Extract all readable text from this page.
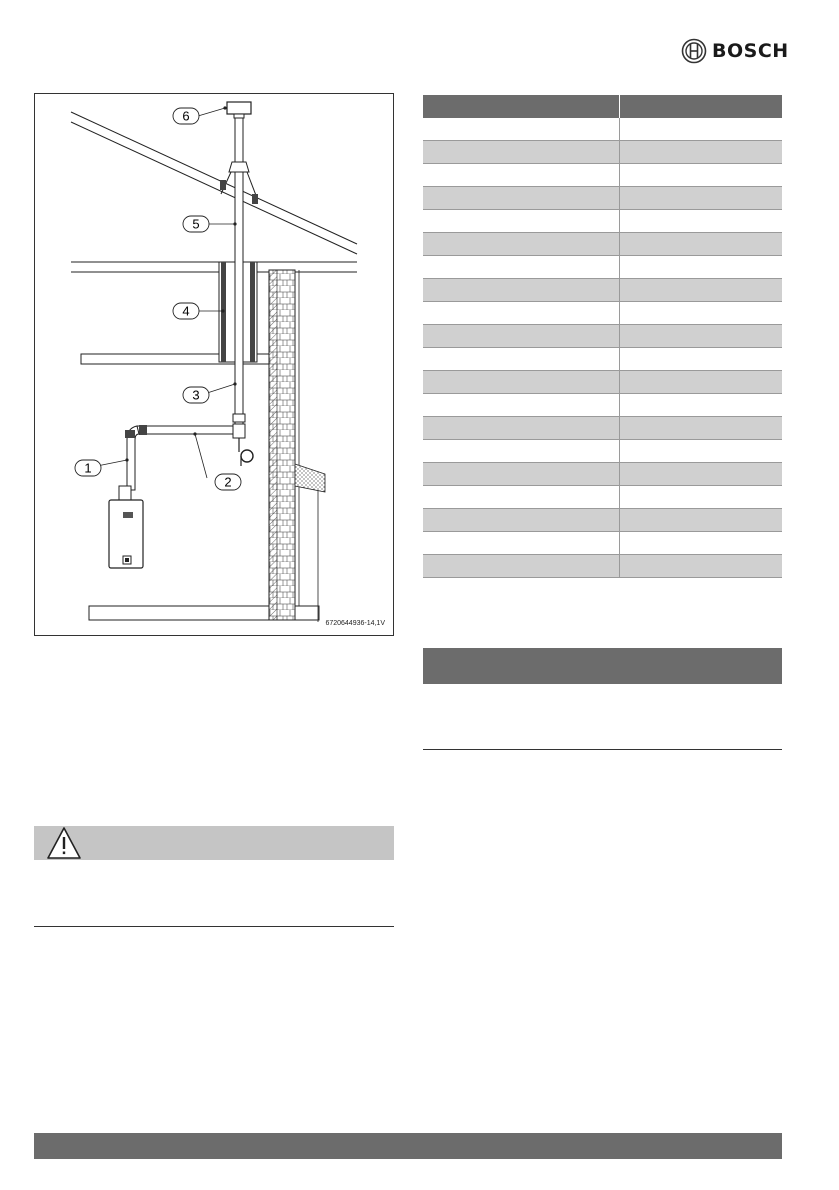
BOSCH
6
5
4
3
2
1
6720644936-14,1V
